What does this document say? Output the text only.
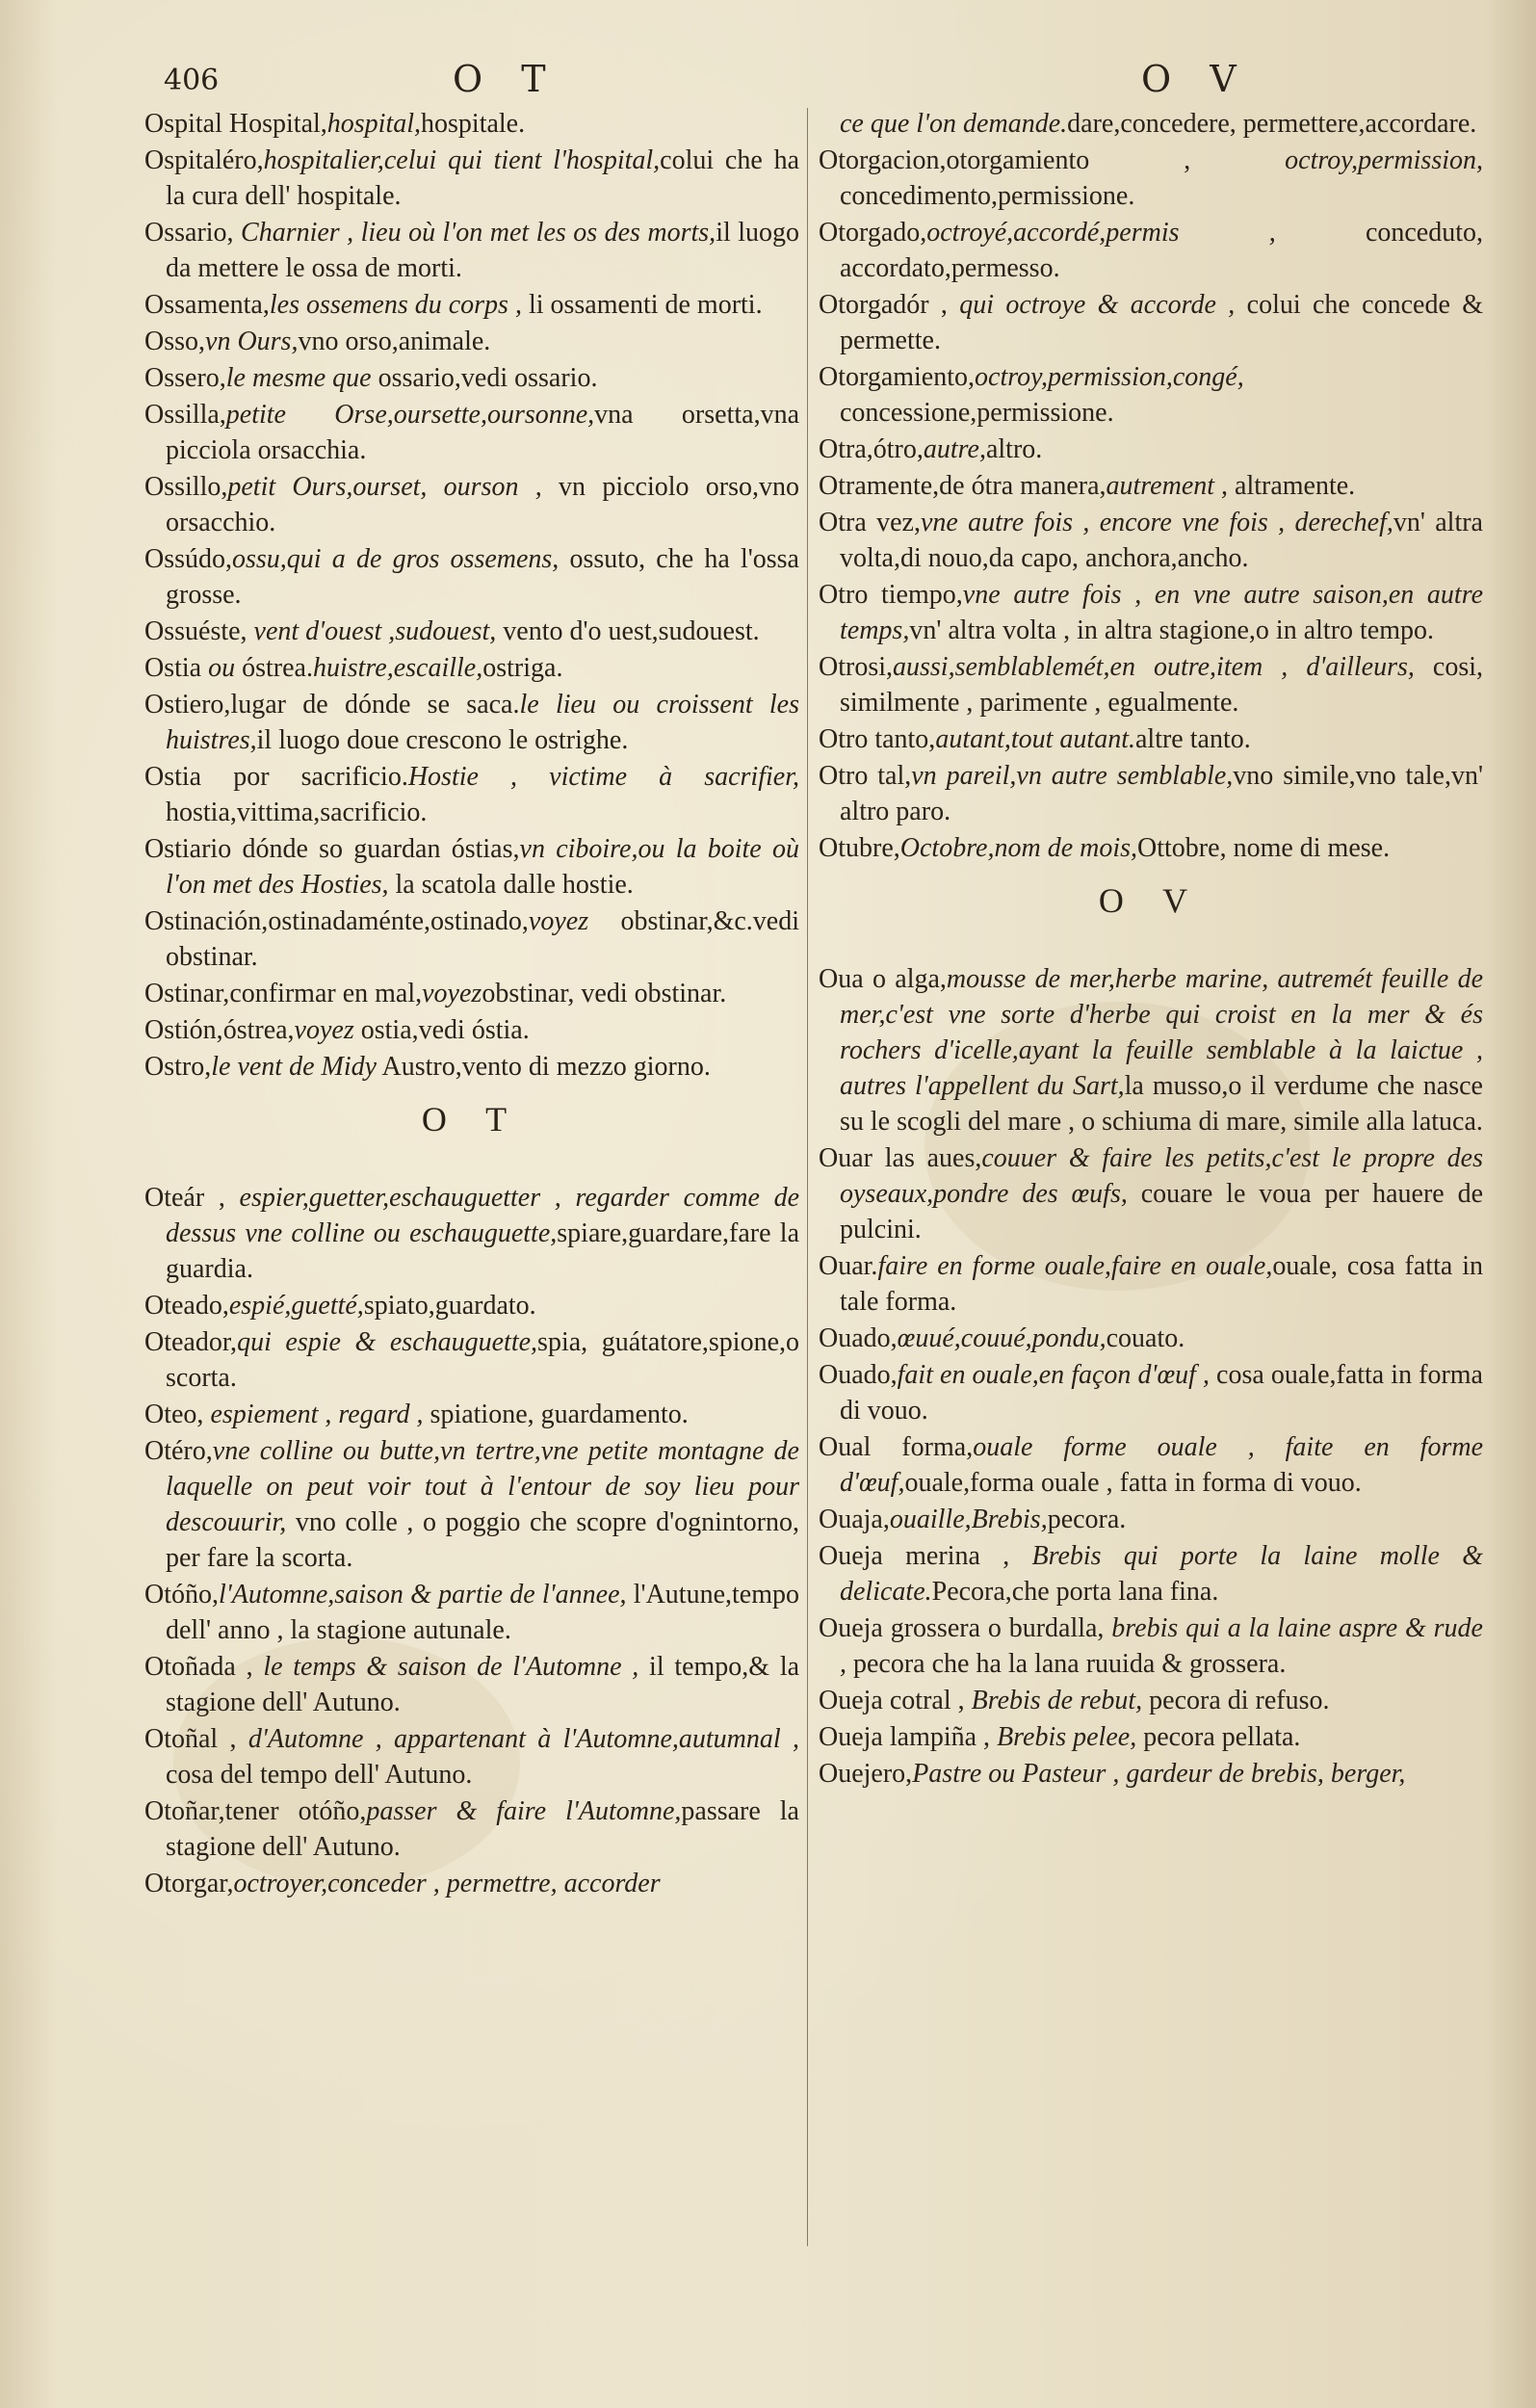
406	O T	O V
Ospital Hospital,hospital,hospitale.
Ospitaléro,hospitalier,celui qui tient l'hospital,colui che ha la cura dell' hospitale.
Ossario, Charnier , lieu où l'on met les os des morts,il luogo da mettere le ossa de morti.
Ossamenta,les ossemens du corps , li ossamenti de morti.
Osso,vn Ours,vno orso,animale.
Ossero,le mesme que ossario,vedi ossario.
Ossilla,petite Orse,oursette,oursonne,vna orsetta,vna picciola orsacchia.
Ossillo,petit Ours,ourset, ourson , vn picciolo orso,vno orsacchio.
Ossúdo,ossu,qui a de gros ossemens, ossuto, che ha l'ossa grosse.
Ossuéste, vent d'ouest ,sudouest, vento d'o uest,sudouest.
Ostia ou óstrea.huistre,escaille,ostriga.
Ostiero,lugar de dónde se saca.le lieu ou croissent les huistres,il luogo doue crescono le ostrighe.
Ostia por sacrificio.Hostie , victime à sacrifier, hostia,vittima,sacrificio.
Ostiario dónde so guardan óstias,vn ciboire,ou la boite où l'on met des Hosties, la scatola dalle hostie.
Ostinación,ostinadaménte,ostinado,voyez obstinar,&c.vedi obstinar.
Ostinar,confirmar en mal,voyezobstinar, vedi obstinar.
Ostión,óstrea,voyez ostia,vedi óstia.
Ostro,le vent de Midy Austro,vento di mezzo giorno.
O T
Oteár , espier,guetter,eschauguetter , regarder comme de dessus vne colline ou eschauguette,spiare,guardare,fare la guardia.
Oteado,espié,guetté,spiato,guardato.
Oteador,qui espie & eschauguette,spia, guátatore,spione,o scorta.
Oteo, espiement , regard , spiatione, guardamento.
Otéro,vne colline ou butte,vn tertre,vne petite montagne de laquelle on peut voir tout à l'entour de soy lieu pour descouurir, vno colle , o poggio che scopre d'ognintorno, per fare la scorta.
Otóño,l'Automne,saison & partie de l'annee, l'Autune,tempo dell' anno , la stagione autunale.
Otoñada , le temps & saison de l'Automne , il tempo,& la stagione dell' Autuno.
Otoñal , d'Automne , appartenant à l'Automne,autumnal , cosa del tempo dell' Autuno.
Otoñar,tener otóño,passer & faire l'Automne,passare la stagione dell' Autuno.
Otorgar,octroyer,conceder , permettre, accorder
ce que l'on demande.dare,concedere, permettere,accordare.
Otorgacion,otorgamiento , octroy,permission, concedimento,permissione.
Otorgado,octroyé,accordé,permis , conceduto, accordato,permesso.
Otorgadór , qui octroye & accorde , colui che concede & permette.
Otorgamiento,octroy,permission,congé, concessione,permissione.
Otra,ótro,autre,altro.
Otramente,de ótra manera,autrement , altramente.
Otra vez,vne autre fois , encore vne fois , derechef,vn' altra volta,di nouo,da capo, anchora,ancho.
Otro tiempo,vne autre fois , en vne autre saison,en autre temps,vn' altra volta , in altra stagione,o in altro tempo.
Otrosi,aussi,semblablemét,en outre,item , d'ailleurs, cosi, similmente , parimente , egualmente.
Otro tanto,autant,tout autant.altre tanto.
Otro tal,vn pareil,vn autre semblable,vno simile,vno tale,vn' altro paro.
Otubre,Octobre,nom de mois,Ottobre, nome di mese.
O V
Oua o alga,mousse de mer,herbe marine, autremét feuille de mer,c'est vne sorte d'herbe qui croist en la mer & és rochers d'icelle,ayant la feuille semblable à la laictue , autres l'appellent du Sart,la musso,o il verdume che nasce su le scogli del mare , o schiuma di mare, simile alla latuca.
Ouar las aues,couuer & faire les petits,c'est le propre des oyseaux,pondre des œufs, couare le voua per hauere de pulcini.
Ouar.faire en forme ouale,faire en ouale,ouale, cosa fatta in tale forma.
Ouado,œuué,couué,pondu,couato.
Ouado,fait en ouale,en façon d'œuf , cosa ouale,fatta in forma di vouo.
Oual forma,ouale forme ouale , faite en forme d'œuf,ouale,forma ouale , fatta in forma di vouo.
Ouaja,ouaille,Brebis,pecora.
Oueja merina , Brebis qui porte la laine molle & delicate.Pecora,che porta lana fina.
Oueja grossera o burdalla, brebis qui a la laine aspre & rude , pecora che ha la lana ruuida & grossera.
Oueja cotral , Brebis de rebut, pecora di refuso.
Oueja lampiña , Brebis pelee, pecora pellata.
Ouejero,Pastre ou Pasteur , gardeur de brebis, berger,
